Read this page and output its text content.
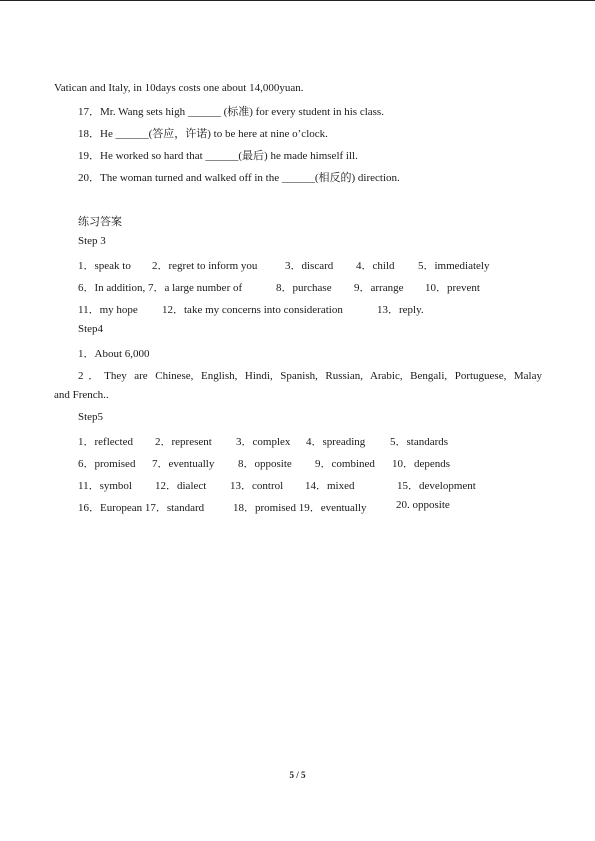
Vatican and Italy, in 10days costs one about 14,000yuan.
17．Mr. Wang sets high ______ (标准) for every student in his class.
18．He ______(答应，许诺) to be here at nine o’clock.
19．He worked so hard that ______(最后) he made himself ill.
20．The woman turned and walked off in the ______(相反的) direction.
练习答案
Step 3
1．speak to 2．regret to inform you	3．discard 4．child 5．immediately
6．In addition, 7．a large number of	8．purchase 9．arrange 10．prevent
11．my hope 12．take my concerns into consideration	13．reply.
Step4
1．About 6,000
2．They are Chinese, English, Hindi, Spanish, Russian, Arabic, Bengali, Portuguese, Malay
and French..
Step5
1．reflected 2．represent 3．complex 4．spreading 5．standards
6．promised 7．eventually 8．opposite 9．combined 10．depends
11．symbol 12．dialect 13．control 14．mixed	15．development
16．European 17．standard	18．promised 19．eventually	20. opposite
5 / 5
